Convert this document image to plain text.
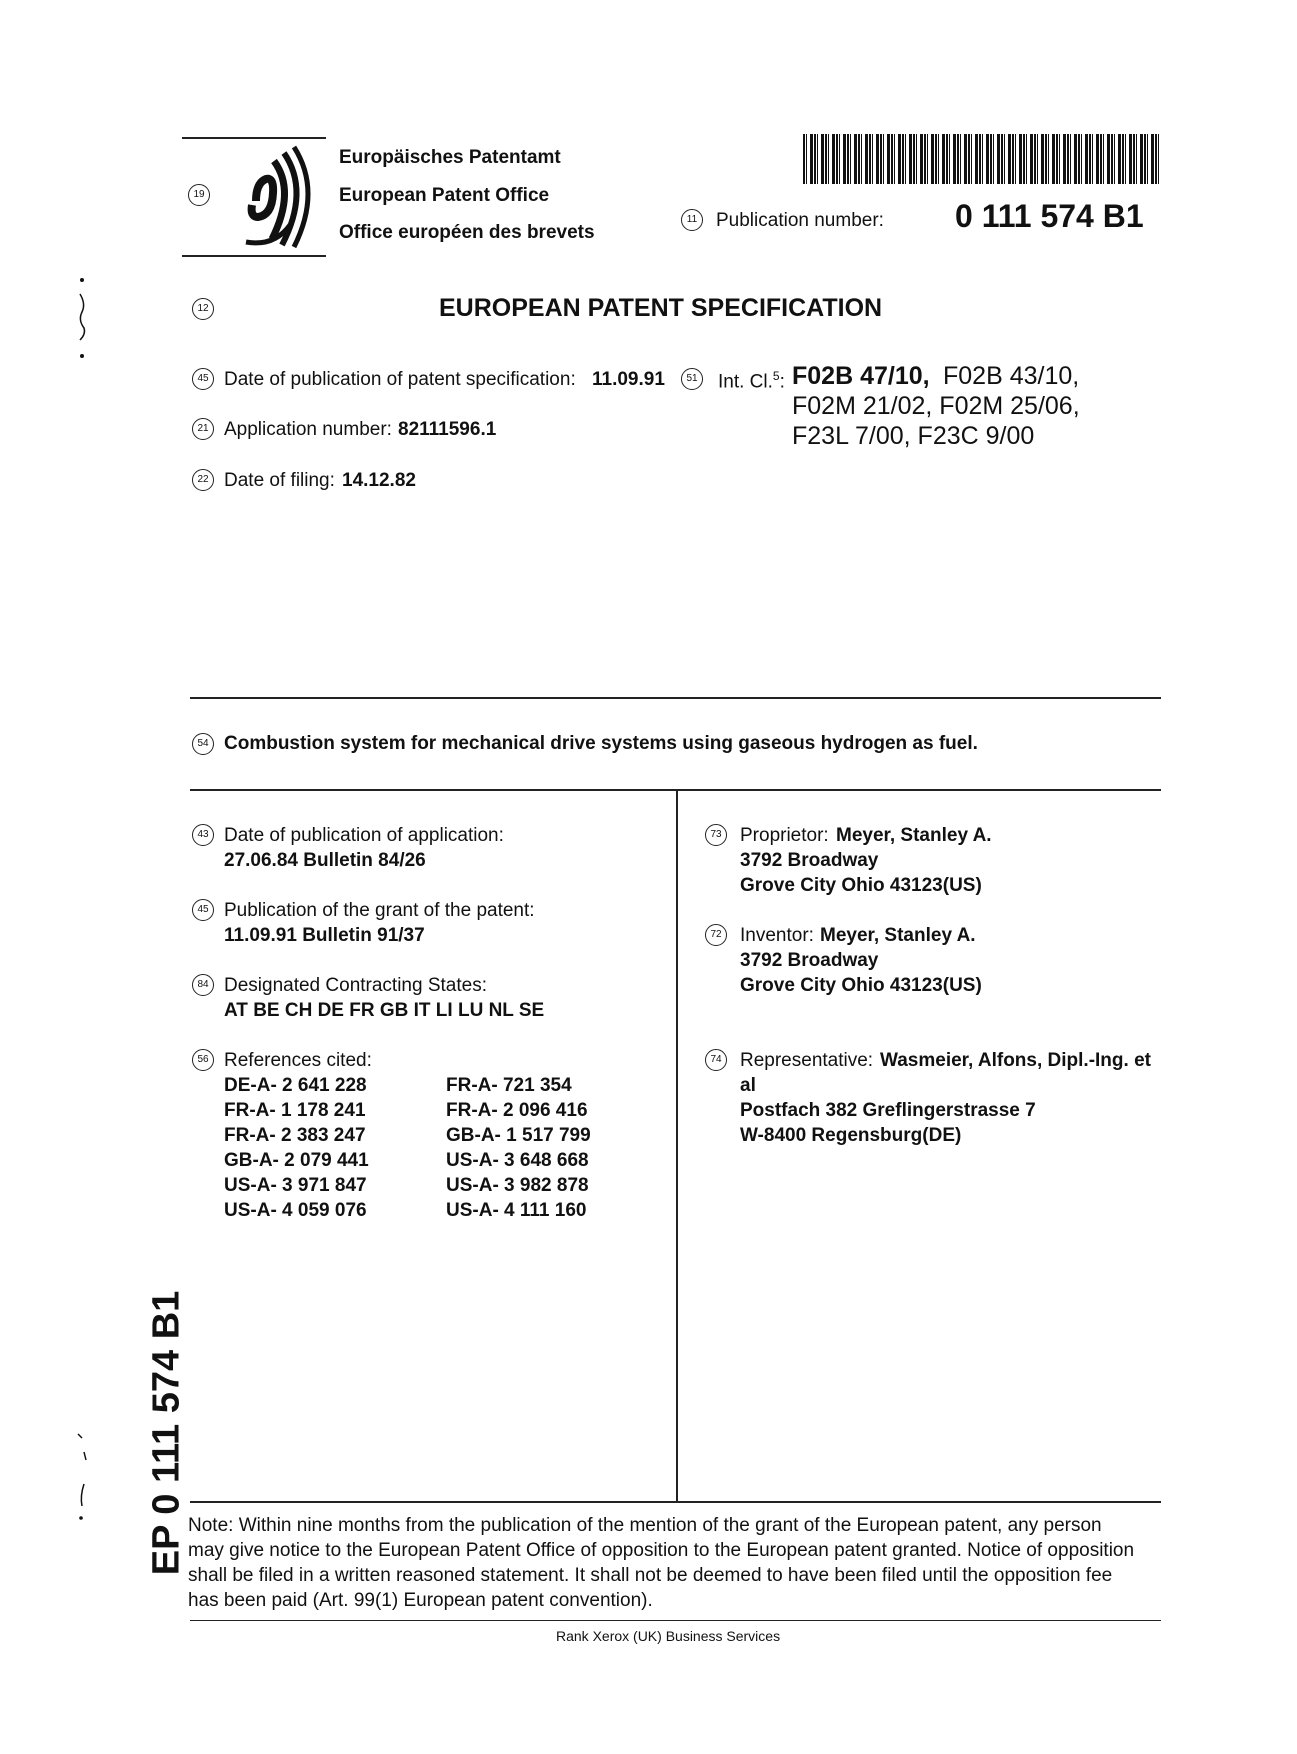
19
Europäisches Patentamt
European Patent Office
Office européen des brevets
11 Publication number: 0 111 574 B1
12	EUROPEAN PATENT SPECIFICATION
45 Date of publication of patent specification: 11.09.91	51 Int. Cl.$^5$: F02B 47/10, F02B 43/10,
F02M 21/02, F02M 25/06,
F23L 7/00, F23C 9/00
21 Application number: 82111596.1
22 Date of filing: 14.12.82
54 Combustion system for mechanical drive systems using gaseous hydrogen as fuel.
43 Date of publication of application:
27.06.84 Bulletin 84/26
45 Publication of the grant of the patent:
11.09.91 Bulletin 91/37
84 Designated Contracting States:
AT BE CH DE FR GB IT LI LU NL SE
56 References cited:
DE-A- 2 641 228
FR-A- 1 178 241
FR-A- 2 383 247
GB-A- 2 079 441
US-A- 3 971 847
US-A- 4 059 076
FR-A- 721 354
FR-A- 2 096 416
GB-A- 1 517 799
US-A- 3 648 668
US-A- 3 982 878
US-A- 4 111 160
73 Proprietor: Meyer, Stanley A.
3792 Broadway
Grove City Ohio 43123(US)
72 Inventor: Meyer, Stanley A.
3792 Broadway
Grove City Ohio 43123(US)
74 Representative: Wasmeier, Alfons, Dipl.-Ing. et
al
Postfach 382 Greflingerstrasse 7
W-8400 Regensburg(DE)
EP 0 111 574 B1 Note: Within nine months from the publication of the mention of the grant of the European patent, any person
may give notice to the European Patent Office of opposition to the European patent granted. Notice of opposition
shall be filed in a written reasoned statement. It shall not be deemed to have been filed until the opposition fee
has been paid (Art. 99(1) European patent convention).
Rank Xerox (UK) Business Services
